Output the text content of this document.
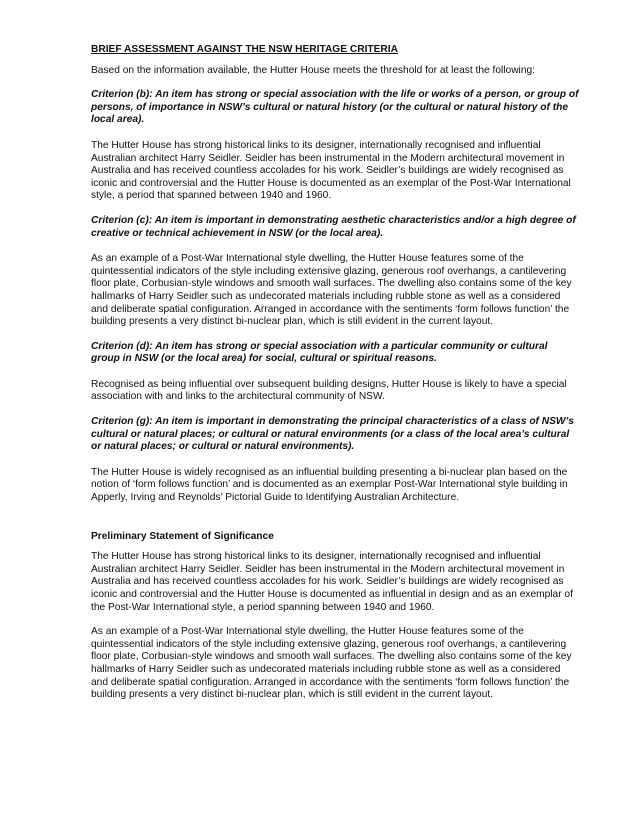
BRIEF ASSESSMENT AGAINST THE NSW HERITAGE CRITERIA

Based on the information available, the Hutter House meets the threshold for at least the following:

Criterion (b): An item has strong or special association with the life or works of a person, or group of persons, of importance in NSW’s cultural or natural history (or the cultural or natural history of the local area).

The Hutter House has strong historical links to its designer, internationally recognised and influential Australian architect Harry Seidler. Seidler has been instrumental in the Modern architectural movement in Australia and has received countless accolades for his work. Seidler’s buildings are widely recognised as iconic and controversial and the Hutter House is documented as an exemplar of the Post-War International style, a period that spanned between 1940 and 1960.

Criterion (c): An item is important in demonstrating aesthetic characteristics and/or a high degree of creative or technical achievement in NSW (or the local area).

As an example of a Post-War International style dwelling, the Hutter House features some of the quintessential indicators of the style including extensive glazing, generous roof overhangs, a cantilevering floor plate, Corbusian-style windows and smooth wall surfaces. The dwelling also contains some of the key hallmarks of Harry Seidler such as undecorated materials including rubble stone as well as a considered and deliberate spatial configuration. Arranged in accordance with the sentiments ‘form follows function’ the building presents a very distinct bi-nuclear plan, which is still evident in the current layout.

Criterion (d): An item has strong or special association with a particular community or cultural group in NSW (or the local area) for social, cultural or spiritual reasons.

Recognised as being influential over subsequent building designs, Hutter House is likely to have a special association with and links to the architectural community of NSW.

Criterion (g): An item is important in demonstrating the principal characteristics of a class of NSW’s cultural or natural places; or cultural or natural environments (or a class of the local area’s cultural or natural places; or cultural or natural environments).

The Hutter House is widely recognised as an influential building presenting a bi-nuclear plan based on the notion of ‘form follows function’ and is documented as an exemplar Post-War International style building in Apperly, Irving and Reynolds’ Pictorial Guide to Identifying Australian Architecture.

Preliminary Statement of Significance

The Hutter House has strong historical links to its designer, internationally recognised and influential Australian architect Harry Seidler. Seidler has been instrumental in the Modern architectural movement in Australia and has received countless accolades for his work. Seidler’s buildings are widely recognised as iconic and controversial and the Hutter House is documented as influential in design and as an exemplar of the Post-War International style, a period spanning between 1940 and 1960.

As an example of a Post-War International style dwelling, the Hutter House features some of the quintessential indicators of the style including extensive glazing, generous roof overhangs, a cantilevering floor plate, Corbusian-style windows and smooth wall surfaces. The dwelling also contains some of the key hallmarks of Harry Seidler such as undecorated materials including rubble stone as well as a considered and deliberate spatial configuration. Arranged in accordance with the sentiments ‘form follows function’ the building presents a very distinct bi-nuclear plan, which is still evident in the current layout.
